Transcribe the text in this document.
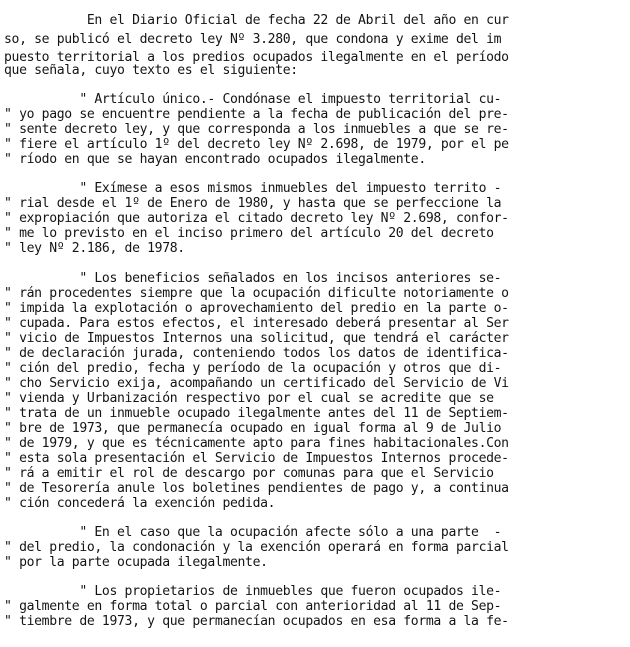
En el Diario Oficial de fecha 22 de Abril del año en cur
so, se publicó el decreto ley Nº 3.280, que condona y exime del im
puesto territorial a los predios ocupados ilegalmente en el período
que señala, cuyo texto es el siguiente:
" Artículo único.- Condónase el impuesto territorial cu-
" yo pago se encuentre pendiente a la fecha de publicación del pre-
" sente decreto ley, y que corresponda a los inmuebles a que se re-
" fiere el artículo 1º del decreto ley Nº 2.698, de 1979, por el pe
" ríodo en que se hayan encontrado ocupados ilegalmente.
" Exímese a esos mismos inmuebles del impuesto territo -
" rial desde el 1º de Enero de 1980, y hasta que se perfeccione la
" expropiación que autoriza el citado decreto ley Nº 2.698, confor-
" me lo previsto en el inciso primero del artículo 20 del decreto
" ley Nº 2.186, de 1978.
" Los beneficios señalados en los incisos anteriores se-
" rán procedentes siempre que la ocupación dificulte notoriamente o
" impida la explotación o aprovechamiento del predio en la parte o-
" cupada. Para estos efectos, el interesado deberá presentar al Ser
" vicio de Impuestos Internos una solicitud, que tendrá el carácter
" de declaración jurada, conteniendo todos los datos de identifica-
" ción del predio, fecha y período de la ocupación y otros que di-
" cho Servicio exija, acompañando un certificado del Servicio de Vi
" vienda y Urbanización respectivo por el cual se acredite que se
" trata de un inmueble ocupado ilegalmente antes del 11 de Septiem-
" bre de 1973, que permanecía ocupado en igual forma al 9 de Julio
" de 1979, y que es técnicamente apto para fines habitacionales.Con
" esta sola presentación el Servicio de Impuestos Internos procede-
" rá a emitir el rol de descargo por comunas para que el Servicio
" de Tesorería anule los boletines pendientes de pago y, a continua
" ción concederá la exención pedida.
" En el caso que la ocupación afecte sólo a una parte  -
" del predio, la condonación y la exención operará en forma parcial
" por la parte ocupada ilegalmente.
" Los propietarios de inmuebles que fueron ocupados ile-
" galmente en forma total o parcial con anterioridad al 11 de Sep-
" tiembre de 1973, y que permanecían ocupados en esa forma a la fe-
